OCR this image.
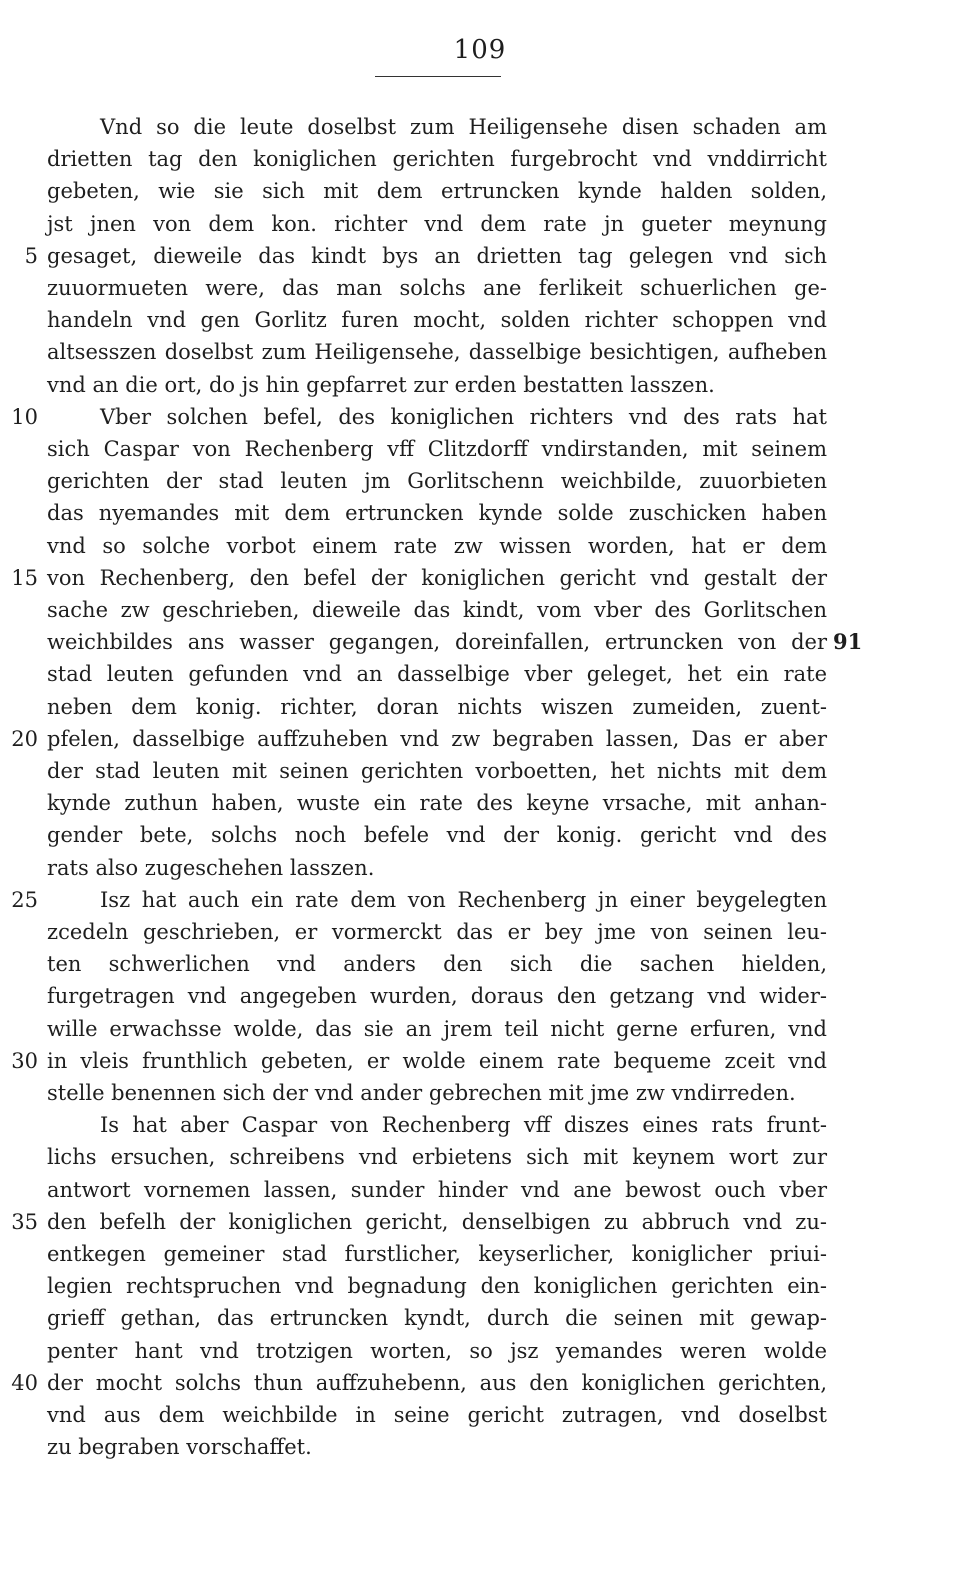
109
Vnd so die leute doselbst zum Heiligensehe disen schaden am
drietten tag den koniglichen gerichten furgebrocht vnd vnddirricht
gebeten, wie sie sich mit dem ertruncken kynde halden solden,
jst jnen von dem kon. richter vnd dem rate jn gueter meynung
gesaget, dieweile das kindt bys an drietten tag gelegen vnd sich
zuuormueten were, das man solchs ane ferlikeit schuerlichen ge-
handeln vnd gen Gorlitz furen mocht, solden richter schoppen vnd
altsesszen doselbst zum Heiligensehe, dasselbige besichtigen, aufheben
vnd an die ort, do js hin gepfarret zur erden bestatten lasszen.
Vber solchen befel, des koniglichen richters vnd des rats hat
sich Caspar von Rechenberg vff Clitzdorff vndirstanden, mit seinem
gerichten der stad leuten jm Gorlitschenn weichbilde, zuuorbieten
das nyemandes mit dem ertruncken kynde solde zuschicken haben
vnd so solche vorbot einem rate zw wissen worden, hat er dem
von Rechenberg, den befel der koniglichen gericht vnd gestalt der
sache zw geschrieben, dieweile das kindt, vom vber des Gorlitschen
weichbildes ans wasser gegangen, doreinfallen, ertruncken von der
stad leuten gefunden vnd an dasselbige vber geleget, het ein rate
neben dem konig. richter, doran nichts wiszen zumeiden, zuent-
pfelen, dasselbige auffzuheben vnd zw begraben lassen, Das er aber
der stad leuten mit seinen gerichten vorboetten, het nichts mit dem
kynde zuthun haben, wuste ein rate des keyne vrsache, mit anhan-
gender bete, solchs noch befele vnd der konig. gericht vnd des
rats also zugeschehen lasszen.
Isz hat auch ein rate dem von Rechenberg jn einer beygelegten
zcedeln geschrieben, er vormerckt das er bey jme von seinen leu-
ten schwerlichen vnd anders den sich die sachen hielden,
furgetragen vnd angegeben wurden, doraus den getzang vnd wider-
wille erwachsse wolde, das sie an jrem teil nicht gerne erfuren, vnd
in vleis frunthlich gebeten, er wolde einem rate bequeme zceit vnd
stelle benennen sich der vnd ander gebrechen mit jme zw vndirreden.
Is hat aber Caspar von Rechenberg vff diszes eines rats frunt-
lichs ersuchen, schreibens vnd erbietens sich mit keynem wort zur
antwort vornemen lassen, sunder hinder vnd ane bewost ouch vber
den befelh der koniglichen gericht, denselbigen zu abbruch vnd zu-
entkegen gemeiner stad furstlicher, keyserlicher, koniglicher priui-
legien rechtspruchen vnd begnadung den koniglichen gerichten ein-
grieff gethan, das ertruncken kyndt, durch die seinen mit gewap-
penter hant vnd trotzigen worten, so jsz yemandes weren wolde
der mocht solchs thun auffzuhebenn, aus den koniglichen gerichten,
vnd aus dem weichbilde in seine gericht zutragen, vnd doselbst
zu begraben vorschaffet.
5
10
15
20
25
30
35
40
91
